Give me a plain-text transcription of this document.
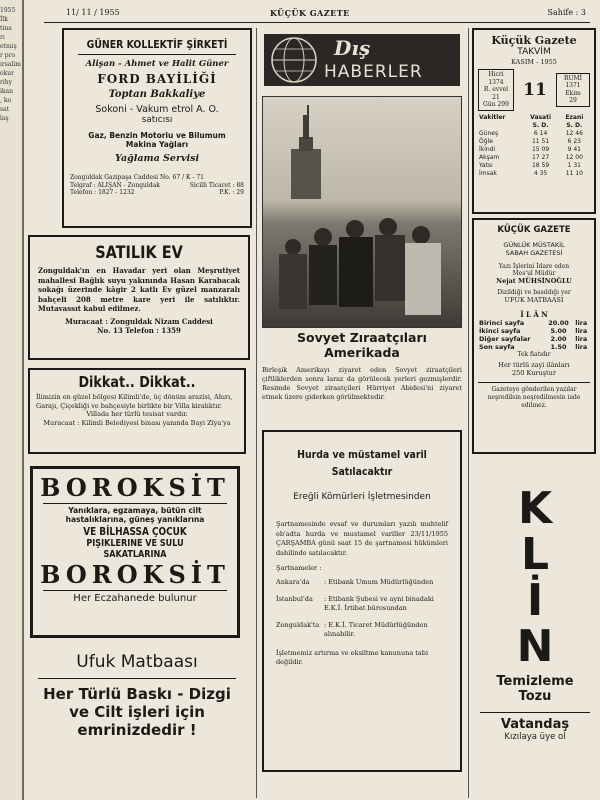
1955
İlk
tina
rı
etmiş
r pro
ırsalim
okur
rihy
ikan
, ko
sat
laş
11/ 11 / 1955	KÜÇÜK GAZETE	Sahife : 3
GÜNER KOLLEKTİF ŞİRKETİ
Alişan - Ahmet ve Halit Güner
FORD BAYİLİĞİ
Toptan Bakkaliye
Sokoni - Vakum etrol A. O.
satıcısı
Gaz, Benzin Motoriu ve Bilumum
Makina Yağları
Yağlama Servisi
Zonguldak Gazipaşa Caddesi No. 67 / K - 71
Telgraf : ALIŞAN - Zonguldak	Sicilli Ticaret : 88
Telefon : 1827 - 1232	P.K. : 29
SATILIK EV
Zonguldak'ın en Havadar yeri olan Meşrutiyet mahallesi Bağlık suyu yakınında Hasan Karabacak sokağı üzerinde kâgir 2 katlı Ev güzel manzaralı bahçeli 208 metre kare yeri ile satılıktır. Mutavassıt kabul edilmez.
Muracaat : Zonguldak Nizam Caddesi
No. 13 Telefon : 1359
Dikkat.. Dikkat..
İlimizin en güzel bölgesi Kilimli'de, üç dönüm arazisi, Ahırı, Garajı, Çiçekliği ve bahçesiyle birlikte bir Villa kiralıktır.
Villada her türlü tesisat vardır.
Muracaat : Kilimli Belediyesi binası yanında Bayi Ziya'ya
BOROKSİT
Yanıklara, egzamaya, bütün cilt
hastalıklarına, güneş yanıklarına
VE BİLHASSA ÇOCUK
PİŞİKLERİNE VE SULU SAKATLARINA
BOROKSİT
Her Eczahanede bulunur
Ufuk Matbaası
Her Türlü Baskı - Dizgi
ve Cilt işleri için
emrinizdedir !
Dış
HABERLER
Sovyet Zıraatçıları
Amerikada
Birleşik Amerikayı ziyaret eden Sovyet ziraatçileri çiftliklerden sonra laraz da görülecek yerleri gezmişlerdir. Resimde Sovyet ziraatçileri Hürriyet Abidesi'ni ziyaret etmek üzere giderken görülmektedir.
Hurda ve müstamel varil
Satılacaktır
Ereğli Kömürleri İşletmesinden
Şartnamesinde evsaf ve durumları yazılı muhtelif eb'adta hurda ve mustamel variller 23/11/1955 ÇARŞAMBA günü saat 15 de şartnamesi hükümleri dahilinde satılacaktır.
Şartnameler :
Ankara'da	: Etibank Umum Müdürlüğünden
İstanbul'da	: Etibank Şubesi ve ayni binadaki E.K.İ. İrtibat bürosundan
Zonguldak'ta : E.K.İ. Ticaret Müdürlüğünden alınabilir.
İşletmemiz artırma ve eksiltme kanununa tabi değildir.
Küçük Gazete
TAKVİM
KASIM - 1955
Hicri
1374
R. evvel
21
Gün 299
11
RUMİ
1371
Ekim
29
Vakitler	Vasati	Ezani
	S. D.	S. D.
Güneş	6 14	12 46
Öğle	11 51	6 23
İkindi	15 09	9 41
Akşam	17 27	12 00
Yatsı	18 59	1 31
İmsak	4 35	11 10
KÜÇÜK GAZETE
GÜNLÜK MÜSTAKİL
SABAH GAZETESİ
Yazı İşlerini İdare eden
Mes'ul Müdür
Nejat MÜHSİNOĞLU
Dizildiği ve basıldığı yer
UFUK MATBAASI
İ L Â N
Birinci sayfa	20.00	lira
İkinci sayfa	5.00	lira
Diğer sayfalar	2.00	lira
Son sayfa	1.50	lira
Tek fiatıdır
Her türlü zayi ilânları
250 Kuruştur
Gazeteye gönderilen yazılar neşredilsin neşredilmesin iade edilmez.
K
L
İ
N
Temizleme
Tozu
Vatandaş
Kızılaya üye ol
